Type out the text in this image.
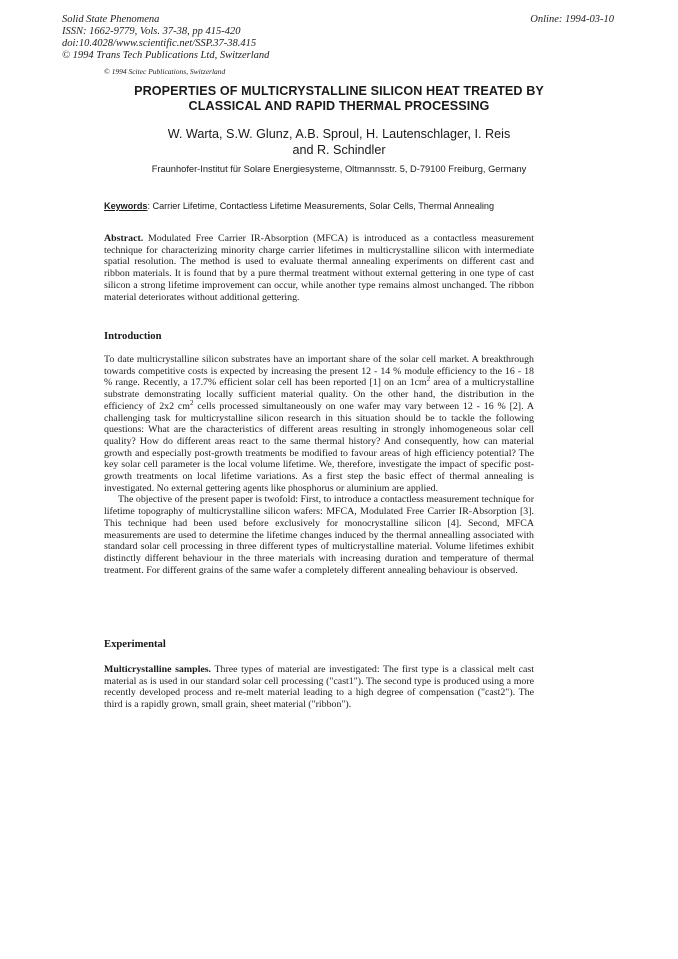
Solid State Phenomena
ISSN: 1662-9779, Vols. 37-38, pp 415-420
doi:10.4028/www.scientific.net/SSP.37-38.415
© 1994 Trans Tech Publications Ltd, Switzerland
Online: 1994-03-10
© 1994 Scitec Publications, Switzerland
PROPERTIES OF MULTICRYSTALLINE SILICON HEAT TREATED BY
CLASSICAL AND RAPID THERMAL PROCESSING
W. Warta, S.W. Glunz, A.B. Sproul, H. Lautenschlager, I. Reis
and R. Schindler
Fraunhofer-Institut für Solare Energiesysteme, Oltmannsstr. 5, D-79100 Freiburg, Germany
Keywords: Carrier Lifetime, Contactless Lifetime Measurements, Solar Cells, Thermal Annealing
Abstract. Modulated Free Carrier IR-Absorption (MFCA) is introduced as a contactless measurement technique for characterizing minority charge carrier lifetimes in multicrystalline silicon with intermediate spatial resolution. The method is used to evaluate thermal annealing experiments on different cast and ribbon materials. It is found that by a pure thermal treatment without external gettering in one type of cast silicon a strong lifetime improvement can occur, while another type remains almost unchanged. The ribbon material deteriorates without additional gettering.
Introduction

To date multicrystalline silicon substrates have an important share of the solar cell market. A breakthrough towards competitive costs is expected by increasing the present 12 - 14 % module efficiency to the 16 - 18 % range. Recently, a 17.7% efficient solar cell has been reported [1] on an $1cm^2$ area of a multicrystalline substrate demonstrating locally sufficient material quality. On the other hand, the distribution in the efficiency of 2x2 $cm^2$ cells processed simultaneously on one wafer may vary between 12 - 16 % [2]. A challenging task for multicrystalline silicon research in this situation should be to tackle the following questions: What are the characteristics of different areas resulting in strongly inhomogeneous solar cell quality? How do different areas react to the same thermal history? And consequently, how can material growth and especially post-growth treatments be modified to favour areas of high efficiency potential? The key solar cell parameter is the local volume lifetime. We, therefore, investigate the impact of specific post-growth treatments on local lifetime variations. As a first step the basic effect of thermal annealing is investigated. No external gettering agents like phosphorus or aluminium are applied.

The objective of the present paper is twofold: First, to introduce a contactless measurement technique for lifetime topography of multicrystalline silicon wafers: MFCA, Modulated Free Carrier IR-Absorption [3]. This technique had been used before exclusively for monocrystalline silicon [4]. Second, MFCA measurements are used to determine the lifetime changes induced by the thermal annealling associated with standard solar cell processing in three different types of multicrystalline material. Volume lifetimes exhibit distinctly different behaviour in the three materials with increasing duration and temperature of thermal treatment. For different grains of the same wafer a completely different annealing behaviour is observed.

Experimental
Multicrystalline samples. Three types of material are investigated: The first type is a classical melt cast material as is used in our standard solar cell processing ("cast1"). The second type is produced using a more recently developed process and re-melt material leading to a high degree of compensation ("cast2"). The third is a rapidly grown, small grain, sheet material ("ribbon").
